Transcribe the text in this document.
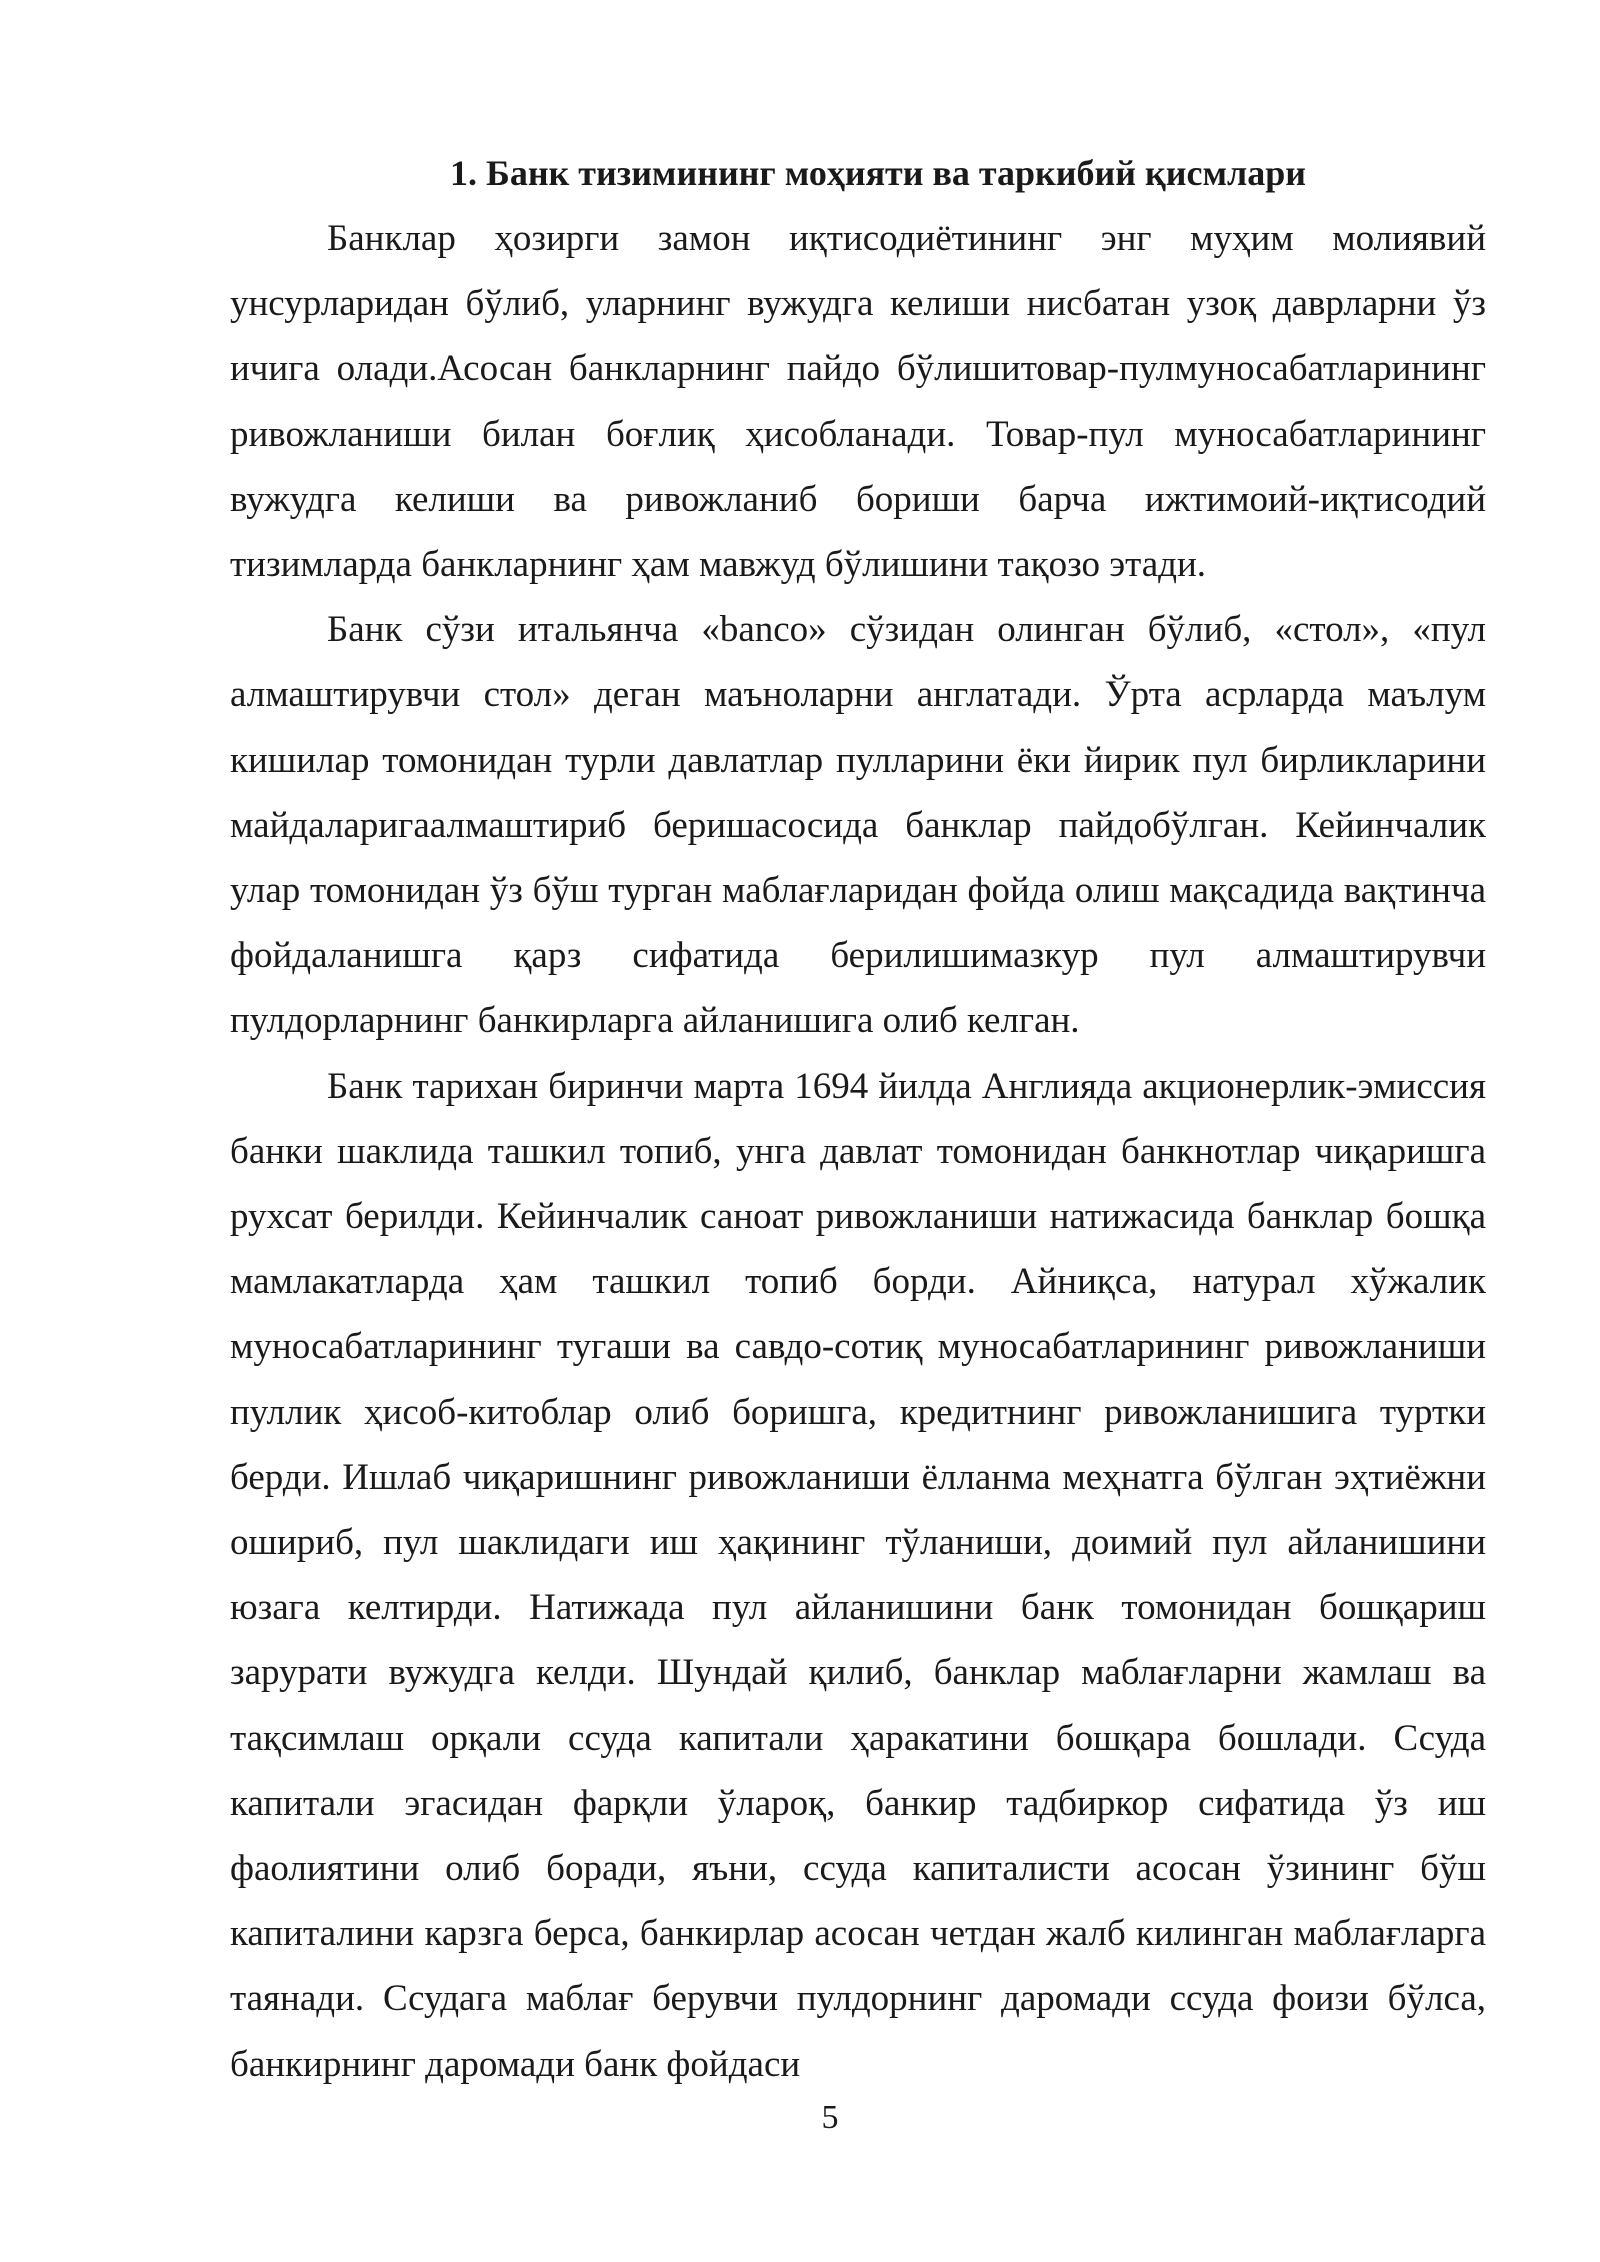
1. Банк тизимининг моҳияти ва таркибий қисмлари

Банклар ҳозирги замон иқтисодиётининг энг муҳим молиявий унсурларидан бўлиб, уларнинг вужудга келиши нисбатан узоқ даврларни ўз ичига олади.Асосан банкларнинг пайдо бўлишитовар-пулмуносабатларининг ривожланиши билан боғлиқ ҳисобланади. Товар-пул муносабатларининг вужудга келиши ва ривожланиб бориши барча ижтимоий-иқтисодий тизимларда банкларнинг ҳам мавжуд бўлишини тақозо этади.

Банк сўзи итальянча «banco» сўзидан олинган бўлиб, «стол», «пул алмаштирувчи стол» деган маъноларни англатади. Ўрта асрларда маълум кишилар томонидан турли давлатлар пулларини ёки йирик пул бирликларини майдаларигаалмаштириб беришасосида банклар пайдобўлган. Кейинчалик улар томонидан ўз бўш турган маблағларидан фойда олиш мақсадида вақтинча фойдаланишга қарз сифатида берилишимазкур пул алмаштирувчи пулдорларнинг банкирларга айланишига олиб келган.

Банк тарихан биринчи марта 1694 йилда Англияда акционерлик-эмиссия банки шаклида ташкил топиб, унга давлат томонидан банкнотлар чиқаришга рухсат берилди. Кейинчалик саноат ривожланиши натижасида банклар бошқа мамлакатларда ҳам ташкил топиб борди. Айниқса, натурал хўжалик муносабатларининг тугаши ва савдо-сотиқ муносабатларининг ривожланиши пуллик ҳисоб-китоблар олиб боришга, кредитнинг ривожланишига туртки берди. Ишлаб чиқаришнинг ривожланиши ёлланма меҳнатга бўлган эҳтиёжни ошириб, пул шаклидаги иш ҳақининг тўланиши, доимий пул айланишини юзага келтирди. Натижада пул айланишини банк томонидан бошқариш зарурати вужудга келди. Шундай қилиб, банклар маблағларни жамлаш ва тақсимлаш орқали ссуда капитали ҳаракатини бошқара бошлади. Ссуда капитали эгасидан фарқли ўлароқ, банкир тадбиркор сифатида ўз иш фаолиятини олиб боради, яъни, ссуда капиталисти асосан ўзининг бўш капиталини карзга берса, банкирлар асосан четдан жалб килинган маблағларга таянади. Ссудага маблағ берувчи пулдорнинг даромади ссуда фоизи бўлса, банкирнинг даромади банк фойдаси

5
